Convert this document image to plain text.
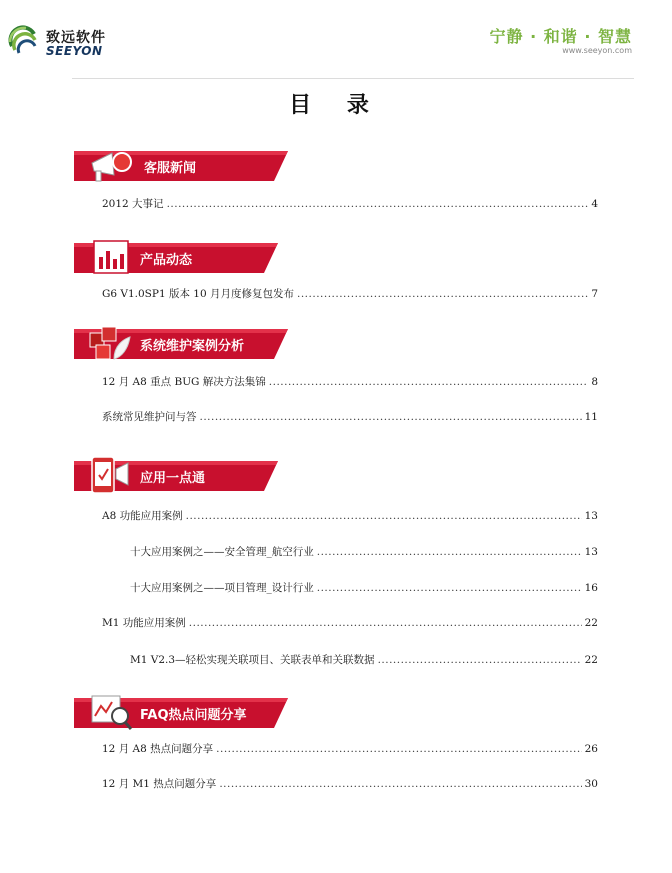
致远软件
SEEYON
宁静 · 和谐 · 智慧
www.seeyon.com
目 录
客服新闻
2012 大事记 .....	4
产品动态
G6 V1.0SP1 版本 10 月月度修复包发布 .....	7
系统维护案例分析
12 月 A8 重点 BUG 解决方法集锦 .....	8
系统常见维护问与答 .....	11
应用一点通
A8 功能应用案例 .....	13
十大应用案例之——安全管理_航空行业 .....	13
十大应用案例之——项目管理_设计行业 .....	16
M1 功能应用案例 .....	22
M1 V2.3—轻松实现关联项目、关联表单和关联数据 .....	22
FAQ热点问题分享
12 月 A8 热点问题分享 .....	26
12 月 M1 热点问题分享 .....	30
